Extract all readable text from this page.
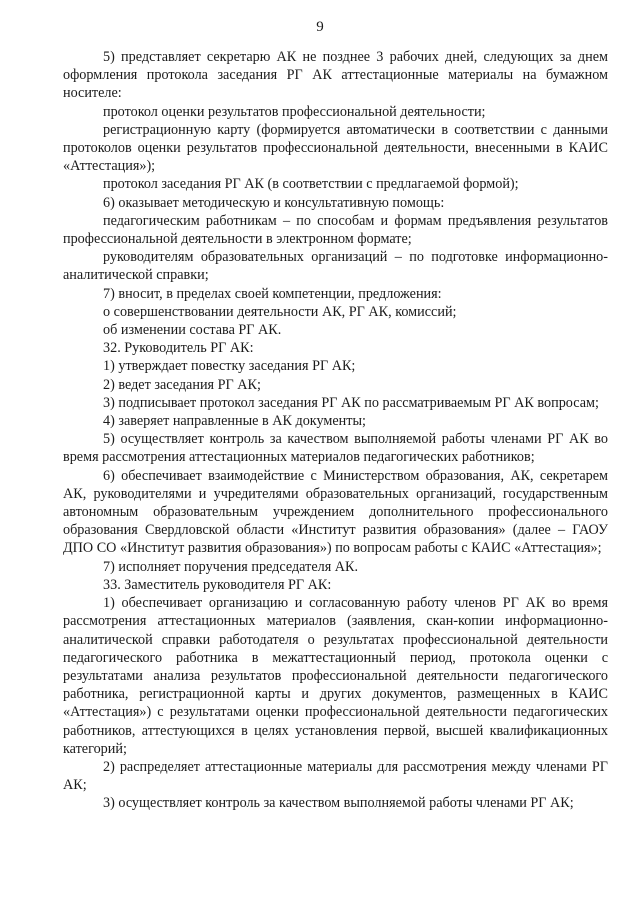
9

5) представляет секретарю АК не позднее 3 рабочих дней, следующих за днем оформления протокола заседания РГ АК аттестационные материалы на бумажном носителе:

протокол оценки результатов профессиональной деятельности;

регистрационную карту (формируется автоматически в соответствии с данными протоколов оценки результатов профессиональной деятельности, внесенными в КАИС «Аттестация»);

протокол заседания РГ АК (в соответствии с предлагаемой формой);

6) оказывает методическую и консультативную помощь:

педагогическим работникам – по способам и формам предъявления результатов профессиональной деятельности в электронном формате;

руководителям образовательных организаций – по подготовке информационно-аналитической справки;

7) вносит, в пределах своей компетенции, предложения:

о совершенствовании деятельности АК, РГ АК, комиссий;

об изменении состава РГ АК.

32. Руководитель РГ АК:

1) утверждает повестку заседания РГ АК;

2) ведет заседания РГ АК;

3) подписывает протокол заседания РГ АК по рассматриваемым РГ АК вопросам;

4) заверяет направленные в АК документы;

5) осуществляет контроль за качеством выполняемой работы членами РГ АК во время рассмотрения аттестационных материалов педагогических работников;

6) обеспечивает взаимодействие с Министерством образования, АК, секретарем АК, руководителями и учредителями образовательных организаций, государственным автономным образовательным учреждением дополнительного профессионального образования Свердловской области «Институт развития образования» (далее – ГАОУ ДПО СО «Институт развития образования») по вопросам работы с КАИС «Аттестация»;

7) исполняет поручения председателя АК.

33. Заместитель руководителя РГ АК:

1) обеспечивает организацию и согласованную работу членов РГ АК во время рассмотрения аттестационных материалов (заявления, скан-копии информационно-аналитической справки работодателя о результатах профессиональной деятельности педагогического работника в межаттестационный период, протокола оценки с результатами анализа результатов профессиональной деятельности педагогического работника, регистрационной карты и других документов, размещенных в КАИС «Аттестация») с результатами оценки профессиональной деятельности педагогических работников, аттестующихся в целях установления первой, высшей квалификационных категорий;

2) распределяет аттестационные материалы для рассмотрения между членами РГ АК;

3) осуществляет контроль за качеством выполняемой работы членами РГ АК;
